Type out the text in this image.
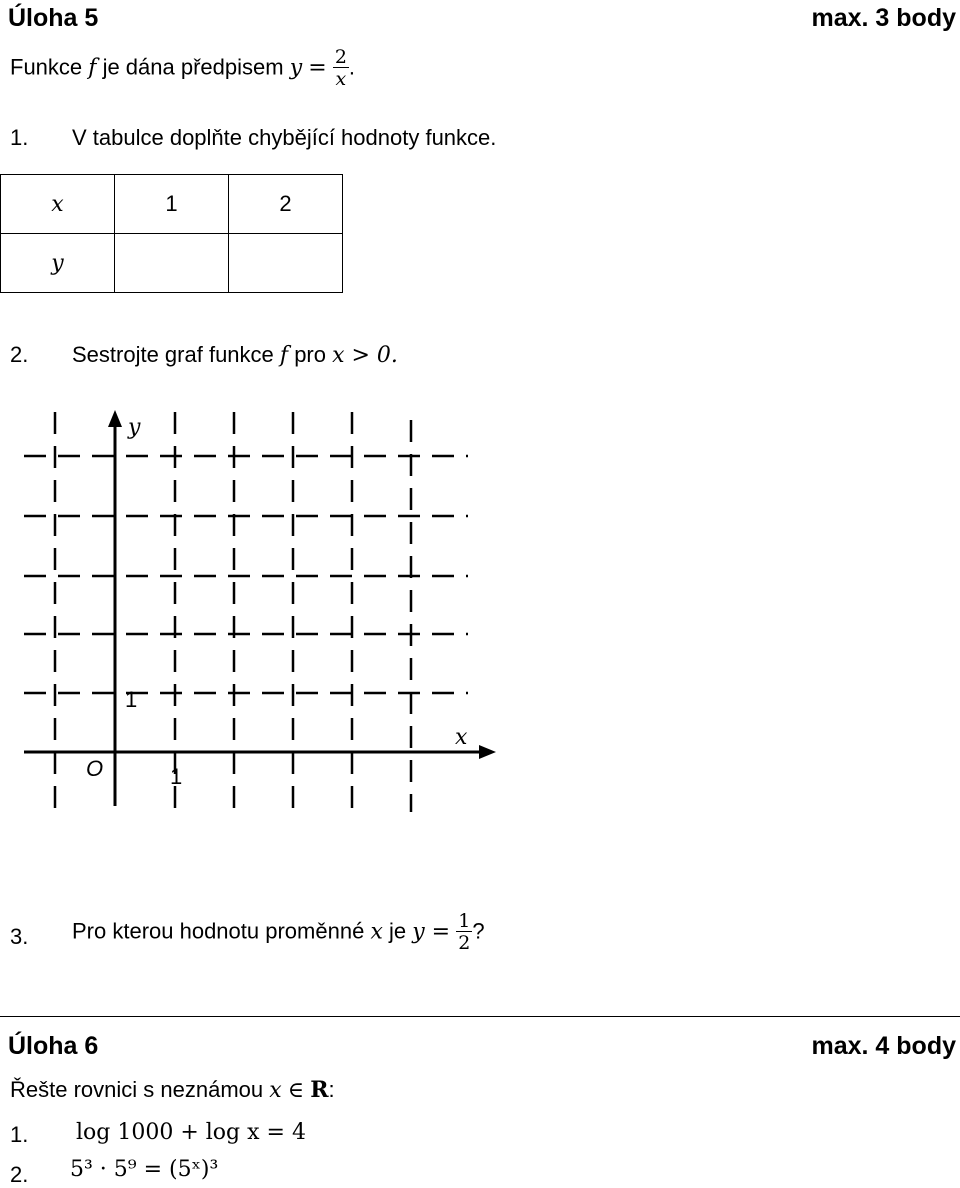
Úloha 5	max. 3 body
Funkce f je dána předpisem $y = \frac{2}{x}$ .
1. V tabulce doplňte chybějící hodnoty funkce.
x	1	2
y		
2. Sestrojte graf funkce f pro x > 0.
y
x
O	1
1
3. Pro kterou hodnotu proměnné x je $y = \frac{1}{2}$ ?
Úloha 6	max. 4 body
Řešte rovnici s neznámou x ∈ R:
1. log 1000 + log x = 4
2. 5³ · 5⁹ = (5ˣ)³
